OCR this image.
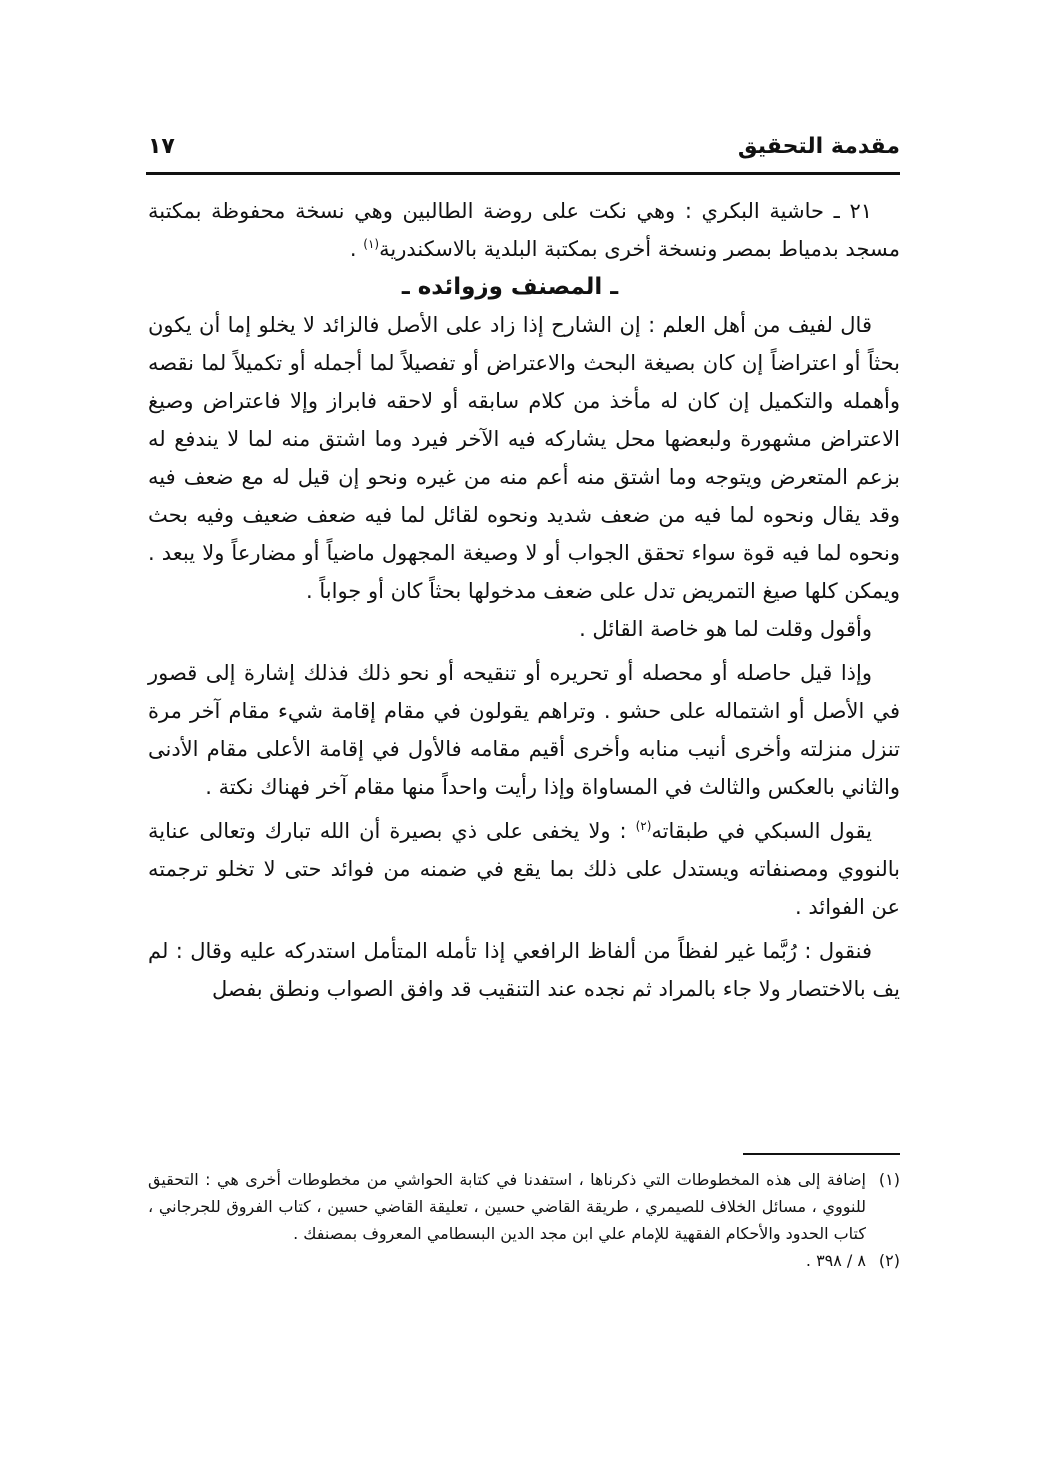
مقدمة التحقيق
١٧

٢١ ـ حاشية البكري : وهي نكت على روضة الطالبين وهي نسخة محفوظة بمكتبة مسجد بدمياط بمصر ونسخة أخرى بمكتبة البلدية بالاسكندرية$^{(١)}$ .

ـ المصنف وزوائده ـ

قال لفيف من أهل العلم : إن الشارح إذا زاد على الأصل فالزائد لا يخلو إما أن يكون بحثاً أو اعتراضاً إن كان بصيغة البحث والاعتراض أو تفصيلاً لما أجمله أو تكميلاً لما نقصه وأهمله والتكميل إن كان له مأخذ من كلام سابقه أو لاحقه فابراز وإلا فاعتراض وصيغ الاعتراض مشهورة ولبعضها محل يشاركه فيه الآخر فيرد وما اشتق منه لما لا يندفع له بزعم المتعرض ويتوجه وما اشتق منه أعم منه من غيره ونحو إن قيل له مع ضعف فيه وقد يقال ونحوه لما فيه من ضعف شديد ونحوه لقائل لما فيه ضعف ضعيف وفيه بحث ونحوه لما فيه قوة سواء تحقق الجواب أو لا وصيغة المجهول ماضياً أو مضارعاً ولا يبعد . ويمكن كلها صيغ التمريض تدل على ضعف مدخولها بحثاً كان أو جواباً .

وأقول وقلت لما هو خاصة القائل .

وإذا قيل حاصله أو محصله أو تحريره أو تنقيحه أو نحو ذلك فذلك إشارة إلى قصور في الأصل أو اشتماله على حشو . وتراهم يقولون في مقام إقامة شيء مقام آخر مرة تنزل منزلته وأخرى أنيب منابه وأخرى أقيم مقامه فالأول في إقامة الأعلى مقام الأدنى والثاني بالعكس والثالث في المساواة وإذا رأيت واحداً منها مقام آخر فهناك نكتة .

يقول السبكي في طبقاته$^{(٢)}$ : ولا يخفى على ذي بصيرة أن الله تبارك وتعالى عناية بالنووي ومصنفاته ويستدل على ذلك بما يقع في ضمنه من فوائد حتى لا تخلو ترجمته عن الفوائد .

فنقول : رُبَّما غير لفظاً من ألفاظ الرافعي إذا تأمله المتأمل استدركه عليه وقال : لم يف بالاختصار ولا جاء بالمراد ثم نجده عند التنقيب قد وافق الصواب ونطق بفصل

(١)
إضافة إلى هذه المخطوطات التي ذكرناها ، استفدنا في كتابة الحواشي من مخطوطات أخرى هي : التحقيق للنووي ، مسائل الخلاف للصيمري ، طريقة القاضي حسين ، تعليقة القاضي حسين ، كتاب الفروق للجرجاني ، كتاب الحدود والأحكام الفقهية للإمام علي ابن مجد الدين البسطامي المعروف بمصنفك .
(٢)
٨ / ٣٩٨ .
